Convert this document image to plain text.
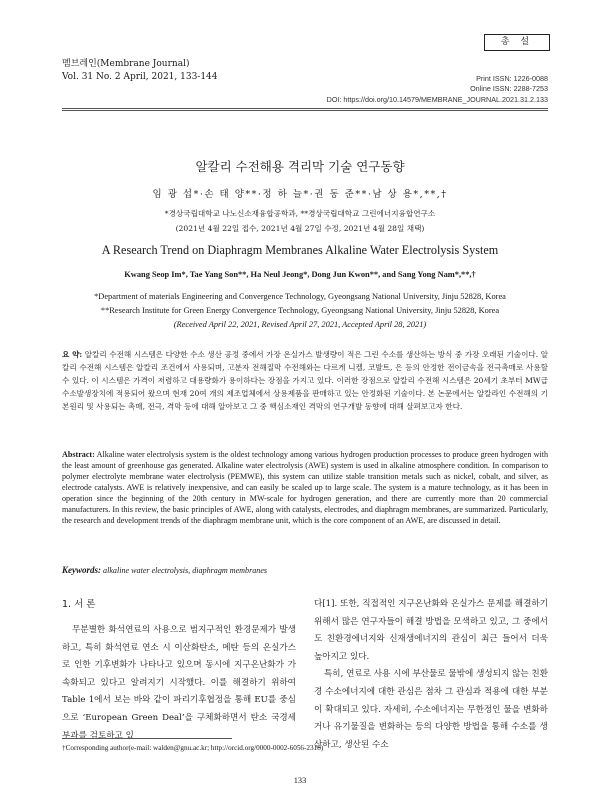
멤브레인(Membrane Journal)
Vol. 31 No. 2 April, 2021, 133-144
총 설
Print ISSN: 1226-0088
Online ISSN: 2288-7253
DOI: https://doi.org/10.14579/MEMBRANE_JOURNAL.2021.31.2.133
알칼리 수전해용 격리막 기술 연구동향
임 광 섭*·손 태 양**·정 하 늘*·권 동 준**·남 상 용*,**,†
*경상국립대학교 나노신소재융합공학과, **경상국립대학교 그린에너지융합연구소
(2021년 4월 22일 접수, 2021년 4월 27일 수정, 2021년 4월 28일 채택)
A Research Trend on Diaphragm Membranes Alkaline Water Electrolysis System
Kwang Seop Im*, Tae Yang Son**, Ha Neul Jeong*, Dong Jun Kwon**, and Sang Yong Nam*,**,†
*Department of materials Engineering and Convergence Technology, Gyeongsang National University, Jinju 52828, Korea
**Research Institute for Green Energy Convergence Technology, Gyeongsang National University, Jinju 52828, Korea
(Received April 22, 2021, Revised April 27, 2021, Accepted April 28, 2021)
요 약: 알칼리 수전해 시스템은 다양한 수소 생산 공정 중에서 가장 온실가스 발생량이 적은 그린 수소를 생산하는 방식 중 가장 오래된 기술이다. 알칼리 수전해 시스템은 알칼리 조건에서 사용되며, 고분자 전해질막 수전해와는 다르게 니켈, 코발트, 은 등의 안정한 전이금속을 전극촉매로 사용할 수 있다. 이 시스템은 가격이 저렴하고 대용량화가 용이하다는 장점을 가지고 있다. 이러한 장점으로 알칼리 수전해 시스템은 20세기 초부터 MW급 수소발생장치에 적용되어 왔으며 현재 20여 개의 제조업체에서 상용제품을 판매하고 있는 안정화된 기술이다. 본 논문에서는 알칼라인 수전해의 기본원리 및 사용되는 촉매, 전극, 격막 등에 대해 알아보고 그 중 핵심소재인 격막의 연구개발 동향에 대해 살펴보고자 한다.
Abstract: Alkaline water electrolysis system is the oldest technology among various hydrogen production processes to produce green hydrogen with the least amount of greenhouse gas generated. Alkaline water electrolysis (AWE) system is used in alkaline atmosphere condition. In comparison to polymer electrolyte membrane water electrolysis (PEMWE), this system can utilize stable transition metals such as nickel, cobalt, and silver, as electrode catalysts. AWE is relatively inexpensive, and can easily be scaled up to large scale. The system is a mature technology, as it has been in operation since the beginning of the 20th century in MW-scale for hydrogen generation, and there are currently more than 20 commercial manufacturers. In this review, the basic principles of AWE, along with catalysts, electrodes, and diaphragm membranes, are summarized. Particularly, the research and development trends of the diaphragm membrane unit, which is the core component of an AWE, are discussed in detail.
Keywords: alkaline water electrolysis, diaphragm membranes
1. 서 론

무분별한 화석연료의 사용으로 범지구적인 환경문제가 발생하고, 특히 화석연료 연소 시 이산화탄소, 메탄 등의 온실가스로 인한 기후변화가 나타나고 있으며 동시에 지구온난화가 가속화되고 있다고 알려지기 시작했다. 이를 해결하기 위하여 Table 1에서 보는 바와 같이 파리기후협정을 통해 EU를 중심으로 ‘European Green Deal’을 구체화하면서 탄소 국경세 부과를 검토하고 있

다[1]. 또한, 직접적인 지구온난화와 온실가스 문제를 해결하기 위해서 많은 연구자들이 해결 방법을 모색하고 있고, 그 중에서도 친환경에너지와 신재생에너지의 관심이 최근 들어서 더욱 높아지고 있다.

특히, 연료로 사용 시에 부산물로 물밖에 생성되지 않는 친환경 수소에너지에 대한 관심은 점차 그 관심과 적용에 대한 부분이 확대되고 있다. 자세히, 수소에너지는 무한정인 물을 변화하거나 유기물질을 변화하는 등의 다양한 방법을 통해 수소를 생산하고, 생산된 수소

†Corresponding author(e-mail: walden@gnu.ac.kr; http://orcid.org/0000-0002-6056-2318)
133
